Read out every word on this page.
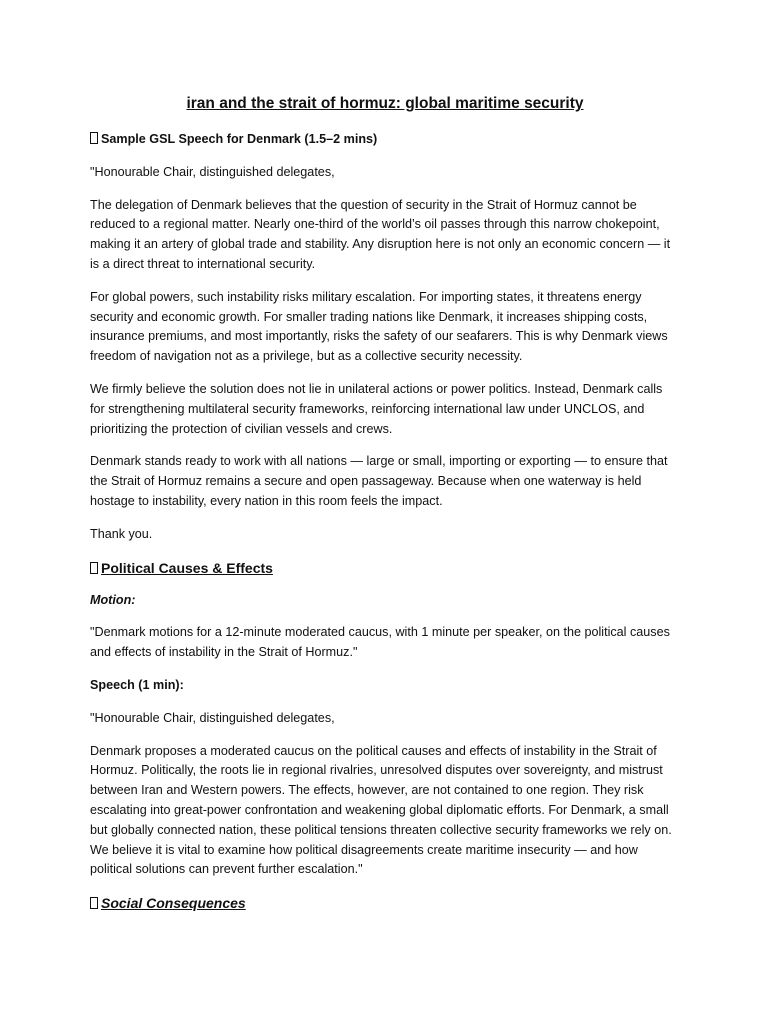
iran and the strait of hormuz: global maritime security

Sample GSL Speech for Denmark (1.5–2 mins)

"Honourable Chair, distinguished delegates,

The delegation of Denmark believes that the question of security in the Strait of Hormuz cannot be reduced to a regional matter. Nearly one-third of the world’s oil passes through this narrow chokepoint, making it an artery of global trade and stability. Any disruption here is not only an economic concern — it is a direct threat to international security.

For global powers, such instability risks military escalation. For importing states, it threatens energy security and economic growth. For smaller trading nations like Denmark, it increases shipping costs, insurance premiums, and most importantly, risks the safety of our seafarers. This is why Denmark views freedom of navigation not as a privilege, but as a collective security necessity.

We firmly believe the solution does not lie in unilateral actions or power politics. Instead, Denmark calls for strengthening multilateral security frameworks, reinforcing international law under UNCLOS, and prioritizing the protection of civilian vessels and crews.

Denmark stands ready to work with all nations — large or small, importing or exporting — to ensure that the Strait of Hormuz remains a secure and open passageway. Because when one waterway is held hostage to instability, every nation in this room feels the impact.

Thank you.

Political Causes & Effects

Motion:

"Denmark motions for a 12-minute moderated caucus, with 1 minute per speaker, on the political causes and effects of instability in the Strait of Hormuz."

Speech (1 min):

"Honourable Chair, distinguished delegates,

Denmark proposes a moderated caucus on the political causes and effects of instability in the Strait of Hormuz. Politically, the roots lie in regional rivalries, unresolved disputes over sovereignty, and mistrust between Iran and Western powers. The effects, however, are not contained to one region. They risk escalating into great-power confrontation and weakening global diplomatic efforts. For Denmark, a small but globally connected nation, these political tensions threaten collective security frameworks we rely on. We believe it is vital to examine how political disagreements create maritime insecurity — and how political solutions can prevent further escalation."

Social Consequences
